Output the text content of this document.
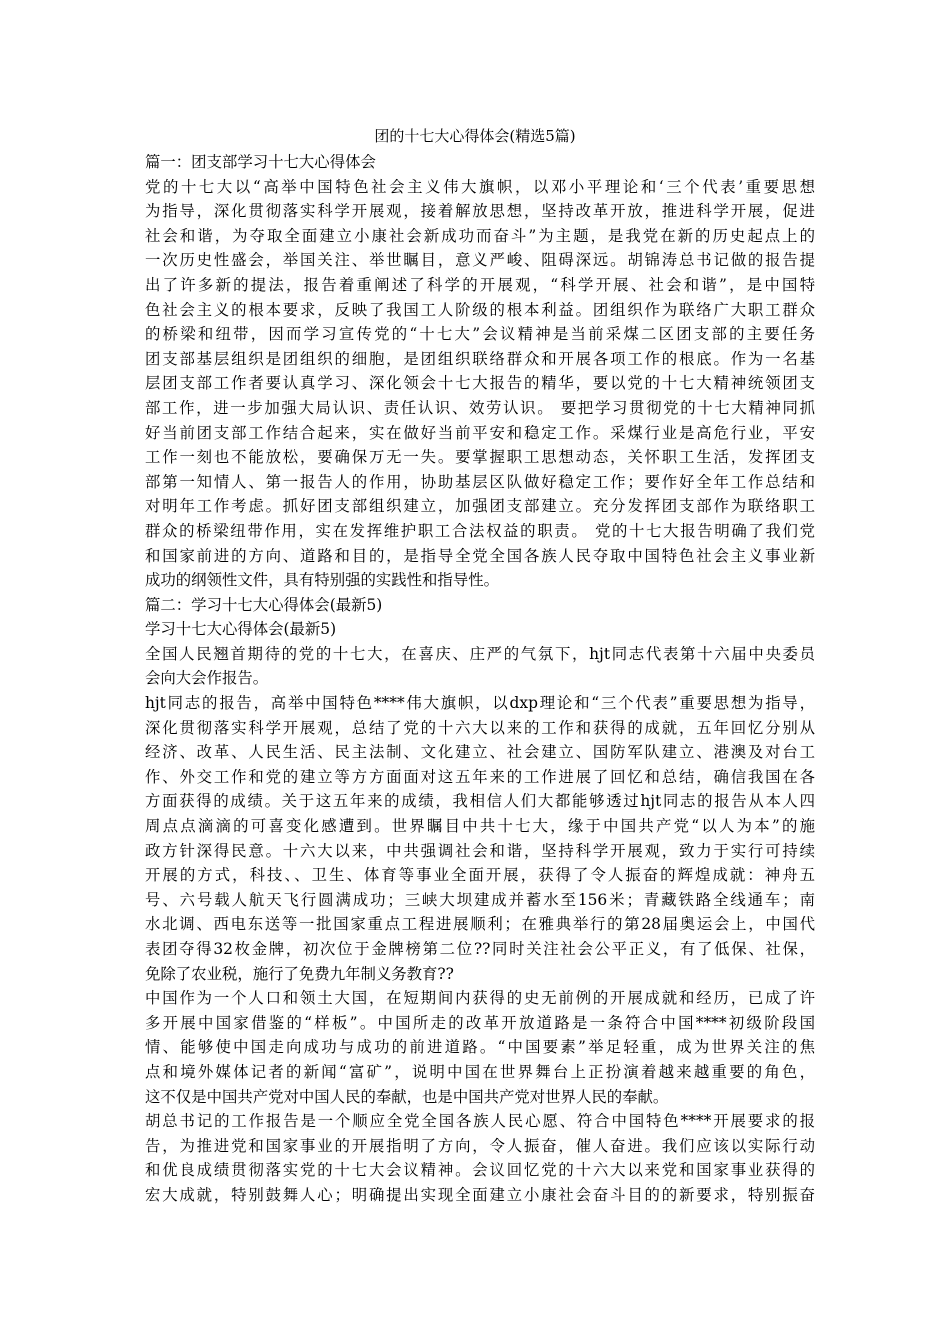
团的十七大心得体会(精选5篇)
篇一：团支部学习十七大心得体会
党的十七大以“高举中国特色社会主义伟大旗帜，以邓小平理论和‘三个代表’重要思想
为指导，深化贯彻落实科学开展观，接着解放思想，坚持改革开放，推进科学开展，促进
社会和谐，为夺取全面建立小康社会新成功而奋斗”为主题，是我党在新的历史起点上的
一次历史性盛会，举国关注、举世瞩目，意义严峻、阻碍深远。胡锦涛总书记做的报告提
出了许多新的提法，报告着重阐述了科学的开展观，“科学开展、社会和谐”，是中国特
色社会主义的根本要求，反映了我国工人阶级的根本利益。团组织作为联络广大职工群众
的桥梁和纽带，因而学习宣传党的“十七大”会议精神是当前采煤二区团支部的主要任务
团支部基层组织是团组织的细胞，是团组织联络群众和开展各项工作的根底。作为一名基
层团支部工作者要认真学习、深化领会十七大报告的精华，要以党的十七大精神统领团支
部工作，进一步加强大局认识、责任认识、效劳认识。 要把学习贯彻党的十七大精神同抓
好当前团支部工作结合起来，实在做好当前平安和稳定工作。采煤行业是高危行业，平安
工作一刻也不能放松，要确保万无一失。要掌握职工思想动态，关怀职工生活，发挥团支
部第一知情人、第一报告人的作用，协助基层区队做好稳定工作；要作好全年工作总结和
对明年工作考虑。抓好团支部组织建立，加强团支部建立。充分发挥团支部作为联络职工
群众的桥梁纽带作用，实在发挥维护职工合法权益的职责。 党的十七大报告明确了我们党
和国家前进的方向、道路和目的，是指导全党全国各族人民夺取中国特色社会主义事业新
成功的纲领性文件，具有特别强的实践性和指导性。
篇二：学习十七大心得体会(最新5)
学习十七大心得体会(最新5)
全国人民翘首期待的党的十七大，在喜庆、庄严的气氛下，hjt同志代表第十六届中央委员
会向大会作报告。
hjt同志的报告，高举中国特色****伟大旗帜，以dxp理论和“三个代表”重要思想为指导，
深化贯彻落实科学开展观，总结了党的十六大以来的工作和获得的成就，五年回忆分别从
经济、改革、人民生活、民主法制、文化建立、社会建立、国防军队建立、港澳及对台工
作、外交工作和党的建立等方方面面对这五年来的工作进展了回忆和总结，确信我国在各
方面获得的成绩。关于这五年来的成绩，我相信人们大都能够透过hjt同志的报告从本人四
周点点滴滴的可喜变化感遭到。世界瞩目中共十七大，缘于中国共产党“以人为本”的施
政方针深得民意。十六大以来，中共强调社会和谐，坚持科学开展观，致力于实行可持续
开展的方式，科技、、卫生、体育等事业全面开展，获得了令人振奋的辉煌成就：神舟五
号、六号载人航天飞行圆满成功；三峡大坝建成并蓄水至156米；青藏铁路全线通车；南
水北调、西电东送等一批国家重点工程进展顺利；在雅典举行的第28届奥运会上，中国代
表团夺得32枚金牌，初次位于金牌榜第二位??同时关注社会公平正义，有了低保、社保，
免除了农业税，施行了免费九年制义务教育??
中国作为一个人口和领土大国，在短期间内获得的史无前例的开展成就和经历，已成了许
多开展中国家借鉴的“样板”。中国所走的改革开放道路是一条符合中国****初级阶段国
情、能够使中国走向成功与成功的前进道路。“中国要素”举足轻重，成为世界关注的焦
点和境外媒体记者的新闻“富矿”，说明中国在世界舞台上正扮演着越来越重要的角色，
这不仅是中国共产党对中国人民的奉献，也是中国共产党对世界人民的奉献。
胡总书记的工作报告是一个顺应全党全国各族人民心愿、符合中国特色****开展要求的报
告，为推进党和国家事业的开展指明了方向，令人振奋，催人奋进。我们应该以实际行动
和优良成绩贯彻落实党的十七大会议精神。会议回忆党的十六大以来党和国家事业获得的
宏大成就，特别鼓舞人心；明确提出实现全面建立小康社会奋斗目的的新要求，特别振奋
